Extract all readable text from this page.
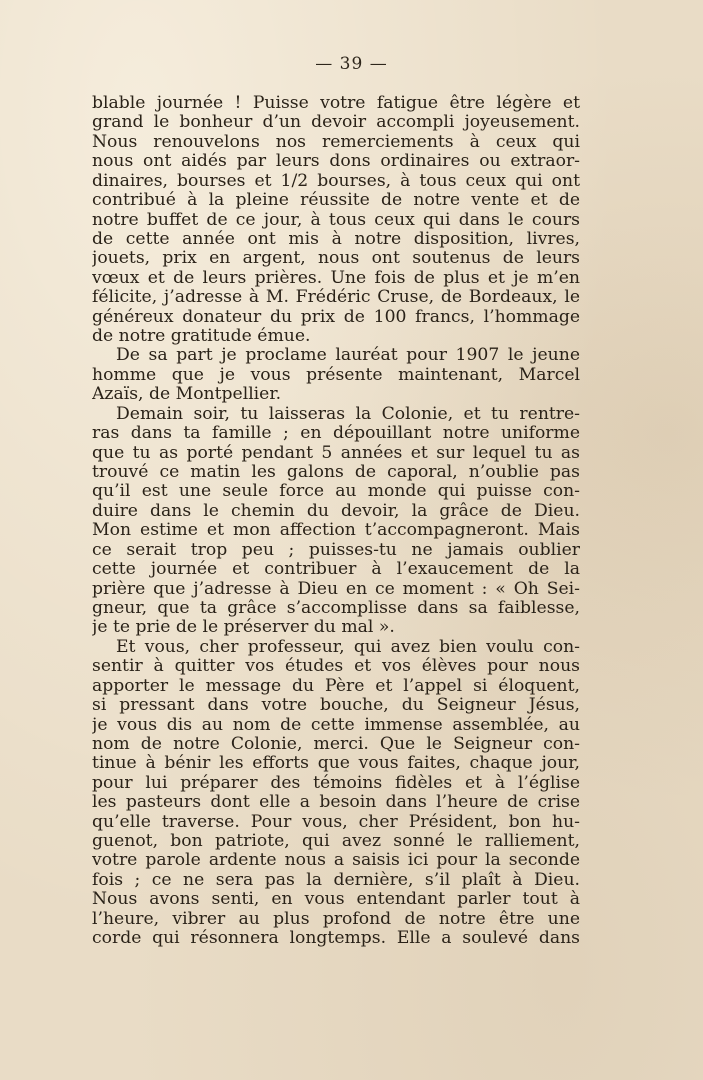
— 39 —

blable journée ! Puisse votre fatigue être légère et
grand le bonheur d’un devoir accompli joyeusement.
Nous renouvelons nos remerciements à ceux qui
nous ont aidés par leurs dons ordinaires ou extraor-
dinaires, bourses et 1/2 bourses, à tous ceux qui ont
contribué à la pleine réussite de notre vente et de
notre buffet de ce jour, à tous ceux qui dans le cours
de cette année ont mis à notre disposition, livres,
jouets, prix en argent, nous ont soutenus de leurs
vœux et de leurs prières. Une fois de plus et je m’en
félicite, j’adresse à M. Frédéric Cruse, de Bordeaux, le
généreux donateur du prix de 100 francs, l’hommage
de notre gratitude émue.

De sa part je proclame lauréat pour 1907 le jeune
homme que je vous présente maintenant, Marcel
Azaïs, de Montpellier.

Demain soir, tu laisseras la Colonie, et tu rentre-
ras dans ta famille ; en dépouillant notre uniforme
que tu as porté pendant 5 années et sur lequel tu as
trouvé ce matin les galons de caporal, n’oublie pas
qu’il est une seule force au monde qui puisse con-
duire dans le chemin du devoir, la grâce de Dieu.
Mon estime et mon affection t’accompagneront. Mais
ce serait trop peu ; puisses-tu ne jamais oublier
cette journée et contribuer à l’exaucement de la
prière que j’adresse à Dieu en ce moment : « Oh Sei-
gneur, que ta grâce s’accomplisse dans sa faiblesse,
je te prie de le préserver du mal ».

Et vous, cher professeur, qui avez bien voulu con-
sentir à quitter vos études et vos élèves pour nous
apporter le message du Père et l’appel si éloquent,
si pressant dans votre bouche, du Seigneur Jésus,
je vous dis au nom de cette immense assemblée, au
nom de notre Colonie, merci. Que le Seigneur con-
tinue à bénir les efforts que vous faites, chaque jour,
pour lui préparer des témoins fidèles et à l’église
les pasteurs dont elle a besoin dans l’heure de crise
qu’elle traverse. Pour vous, cher Président, bon hu-
guenot, bon patriote, qui avez sonné le ralliement,
votre parole ardente nous a saisis ici pour la seconde
fois ; ce ne sera pas la dernière, s’il plaît à Dieu.
Nous avons senti, en vous entendant parler tout à
l’heure, vibrer au plus profond de notre être une
corde qui résonnera longtemps. Elle a soulevé dans
